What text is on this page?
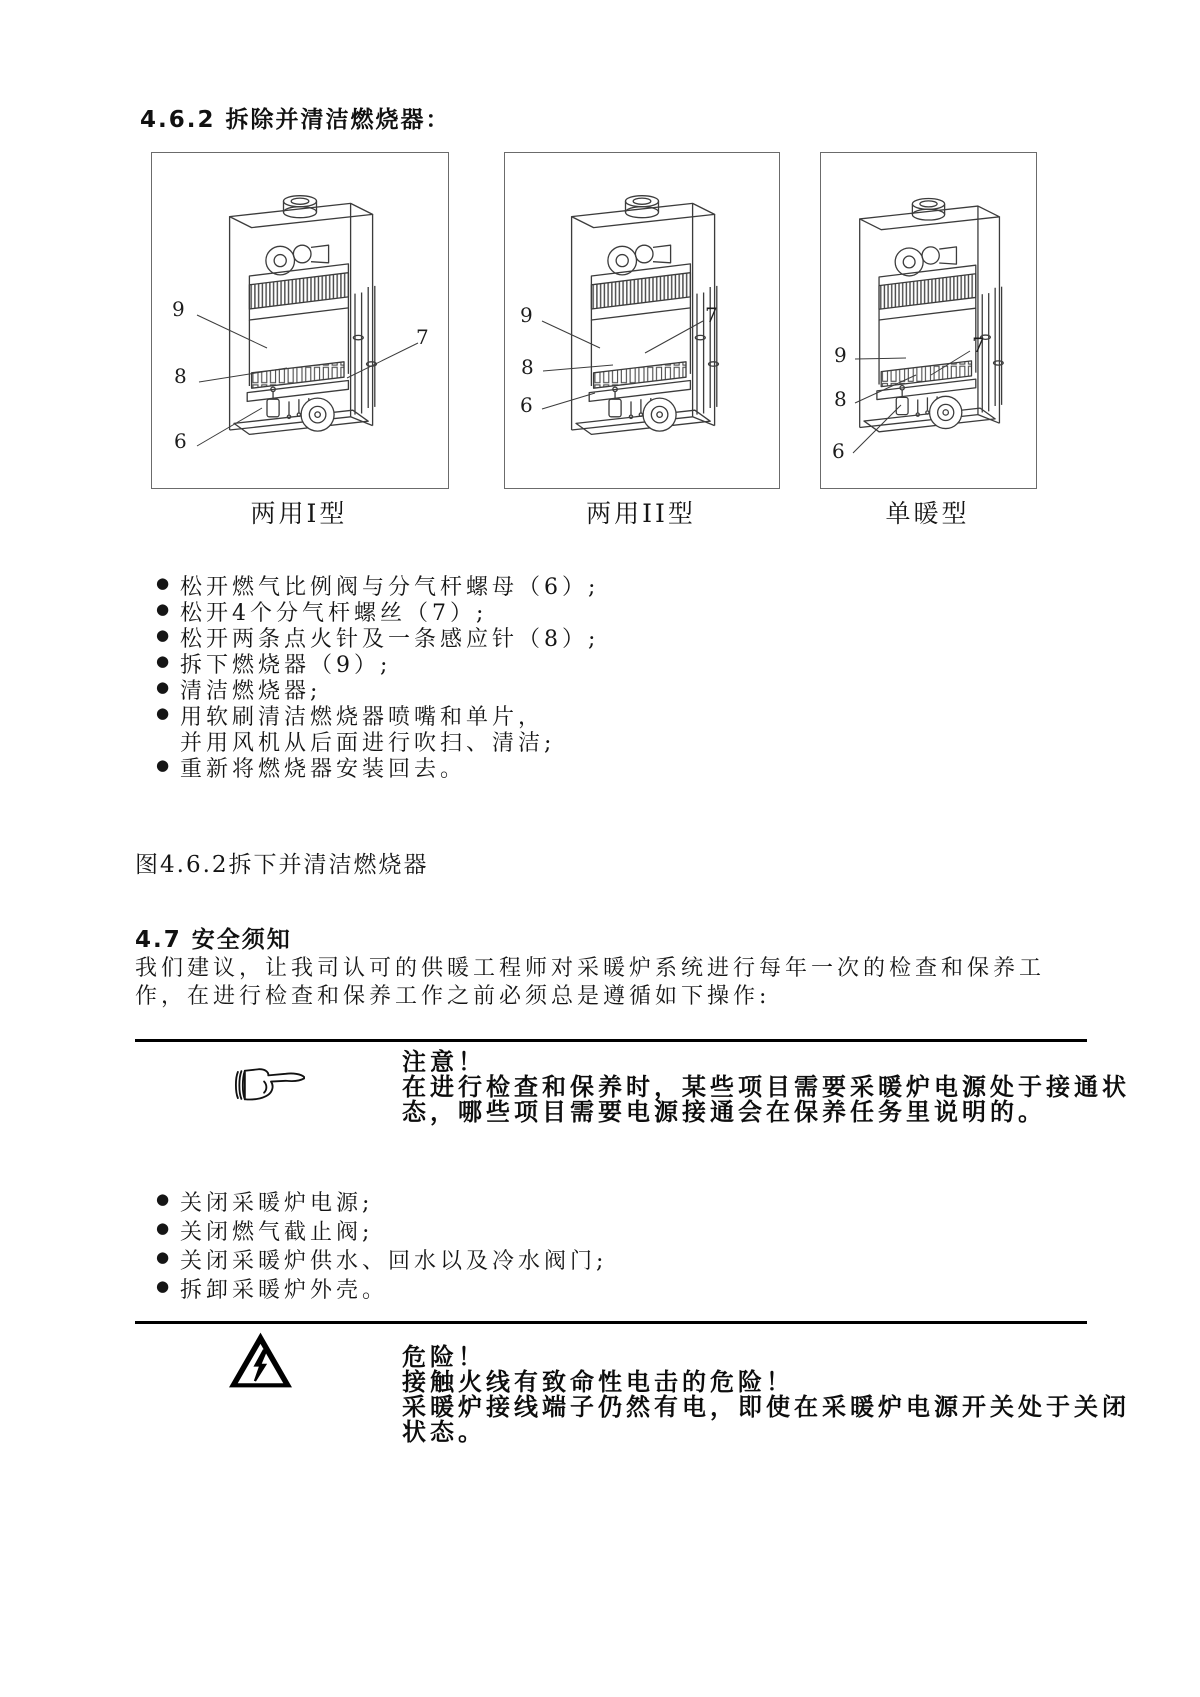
4.6.2 拆除并清洁燃烧器：
9
8
6
7
9
8
6
7
9
8
6
7
两用I型	两用II型	单暖型
● 松开燃气比例阀与分气杆螺母（6）;
● 松开4个分气杆螺丝（7）;
● 松开两条点火针及一条感应针（8）;
● 拆下燃烧器（9）;
● 清洁燃烧器;
● 用软刷清洁燃烧器喷嘴和单片，
并用风机从后面进行吹扫、清洁;
● 重新将燃烧器安装回去。
图4.6.2拆下并清洁燃烧器
4.7 安全须知

我们建议，让我司认可的供暖工程师对采暖炉系统进行每年一次的检查和保养工

作，在进行检查和保养工作之前必须总是遵循如下操作:

注意！
在进行检查和保养时，某些项目需要采暖炉电源处于接通状
态，哪些项目需要电源接通会在保养任务里说明的。
● 关闭采暖炉电源;
● 关闭燃气截止阀;
● 关闭采暖炉供水、回水以及冷水阀门;
● 拆卸采暖炉外壳。
危险！
接触火线有致命性电击的危险！
采暖炉接线端子仍然有电，即使在采暖炉电源开关处于关闭
状态。
